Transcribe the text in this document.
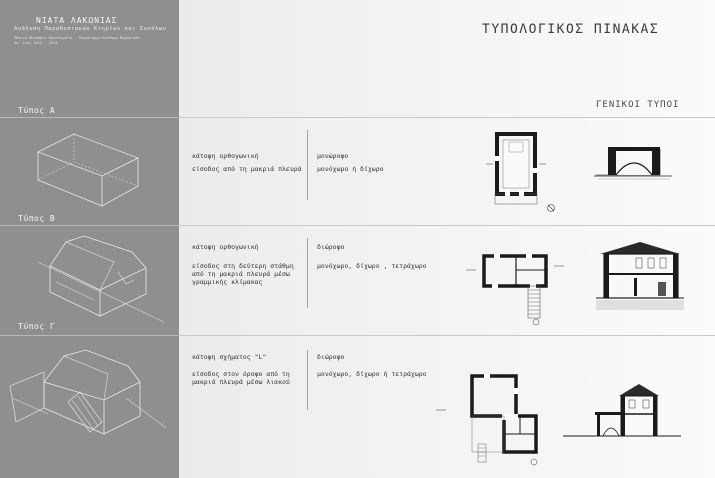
ΝΙΑΤΑ ΛΑΚΩΝΙΑΣ
Ανάλυση Παραδοσιακών Κτηρίων και Συνόλων
Εθνικό Μετσόβιο Πολυτεχνείο - Τμήμα Αρχιτεκτόνων Μηχανικών
Ακ. έτος 2013 - 2014
Τύπος Α
Τύπος Β
Τύπος Γ
ΤΥΠΟΛΟΓΙΚΟΣ ΠΙΝΑΚΑΣ
ΓΕΝΙΚΟΙ ΤΥΠΟΙ
κάτοψη ορθογωνική
είσοδος από τη μακριά πλευρά
μονώροφο
μονόχωρο ή δίχωρο
κάτοψη ορθογωνική
είσοδος στη δεύτερη στάθμη από τη μακριά πλευρά μέσω γραμμικής κλίμακας
διώροφο
μονόχωρο, δίχωρο , τετράχωρο
κάτοψη σχήματος "L"
είσοδος στον όροφο από τη μακριά πλευρά μέσω λιακού
διώροφο
μονόχωρο, δίχωρο ή τετράχωρο
